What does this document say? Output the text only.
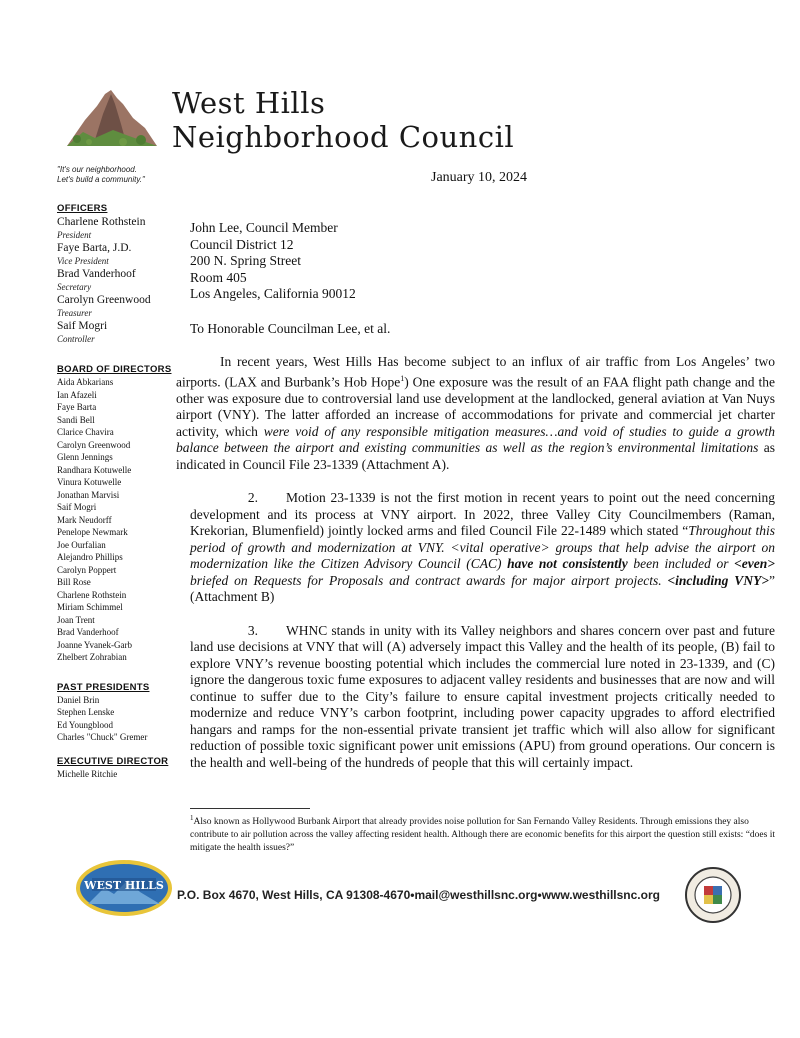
West Hills
Neighborhood Council
"It's our neighborhood.
Let's build a community."	January 10, 2024
OFFICERS
Charlene Rothstein
President
Faye Barta, J.D.
Vice President
Brad Vanderhoof
Secretary
Carolyn Greenwood
Treasurer
Saif Mogri
Controller
BOARD OF DIRECTORS
Aida Abkarians
Ian Afazeli
Faye Barta
Sandi Bell
Clarice Chavira
Carolyn Greenwood
Glenn Jennings
Randhara Kotuwelle
Vinura Kotuwelle
Jonathan Marvisi
Saif Mogri
Mark Neudorff
Penelope Newmark
Joe Ourfalian
Alejandro Phillips
Carolyn Poppert
Bill Rose
Charlene Rothstein
Miriam Schimmel
Joan Trent
Brad Vanderhoof
Joanne Yvanek-Garb
Zhelbert Zohrabian
PAST PRESIDENTS
Daniel Brin
Stephen Lenske
Ed Youngblood
Charles "Chuck" Gremer
EXECUTIVE DIRECTOR
Michelle Ritchie
John Lee, Council Member
Council District 12
200 N. Spring Street
Room 405
Los Angeles, California 90012
To Honorable Councilman Lee, et al.
In recent years, West Hills Has become subject to an influx of air traffic from Los Angeles’ two airports. (LAX and Burbank’s Hob Hope$^1$) One exposure was the result of an FAA flight path change and the other was exposure due to controversial land use development at the landlocked, general aviation at Van Nuys airport (VNY). The latter afforded an increase of accommodations for private and commercial jet charter activity, which were void of any responsible mitigation measures…and void of studies to guide a growth balance between the airport and existing communities as well as the region’s environmental limitations as indicated in Council File 23-1339 (Attachment A).
2. Motion 23-1339 is not the first motion in recent years to point out the need concerning development and its process at VNY airport. In 2022, three Valley City Councilmembers (Raman, Krekorian, Blumenfield) jointly locked arms and filed Council File 22-1489 which stated “Throughout this period of growth and modernization at VNY. <vital operative> groups that help advise the airport on modernization like the Citizen Advisory Council (CAC) have not consistently been included or <even> briefed on Requests for Proposals and contract awards for major airport projects. <including VNY>” (Attachment B)
3. WHNC stands in unity with its Valley neighbors and shares concern over past and future land use decisions at VNY that will (A) adversely impact this Valley and the health of its people, (B) fail to explore VNY’s revenue boosting potential which includes the commercial lure noted in 23-1339, and (C) ignore the dangerous toxic fume exposures to adjacent valley residents and businesses that are now and will continue to suffer due to the City’s failure to ensure capital investment projects critically needed to modernize and reduce VNY’s carbon footprint, including power capacity upgrades to afford electrified hangars and ramps for the non-essential private transient jet traffic which will also allow for significant reduction of possible toxic significant power unit emissions (APU) from ground operations. Our concern is the health and well-being of the hundreds of people that this will certainly impact.
$^1$Also known as Hollywood Burbank Airport that already provides noise pollution for San Fernando Valley Residents. Through emissions they also contribute to air pollution across the valley affecting resident health. Although there are economic benefits for this airport the question still exists: “does it mitigate the health issues?”
WEST HILLS
P.O. Box 4670, West Hills, CA 91308-4670•mail@westhillsnc.org•www.westhillsnc.org
